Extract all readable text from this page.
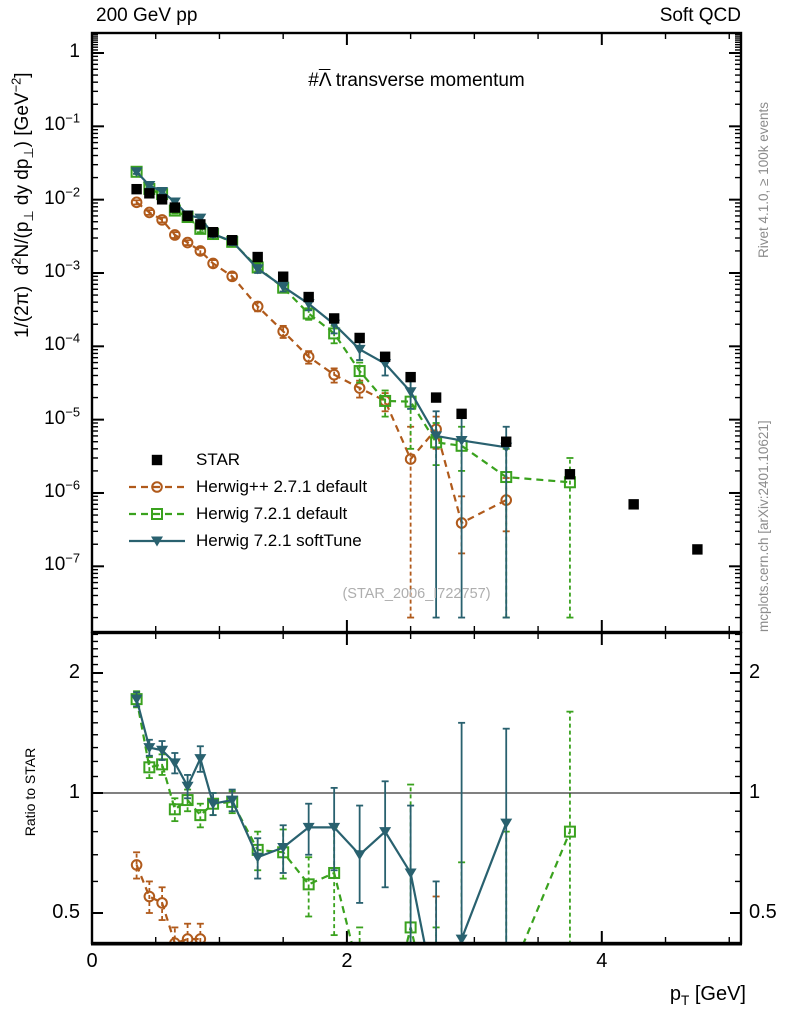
200 GeV pp	Soft QCD
$\#\overline{\Lambda}$ transverse momentum
1/(2π)  $d^2N/(p_\perp$ dy $dp_\perp$) [GeV$^{-2}$]
Ratio to STAR
$p_T$ [GeV]
1
$10^{-1}$
$10^{-2}$
$10^{-3}$
$10^{-4}$
$10^{-5}$
$10^{-6}$
$10^{-7}$
2
1
0.5
2
1
0.5
0	2	4
STAR
Herwig++ 2.7.1 default
Herwig 7.2.1 default
Herwig 7.2.1 softTune
(STAR_2006_I722757)
Rivet 4.1.0, ≥ 100k events
mcplots.cern.ch [arXiv:2401.10621]
